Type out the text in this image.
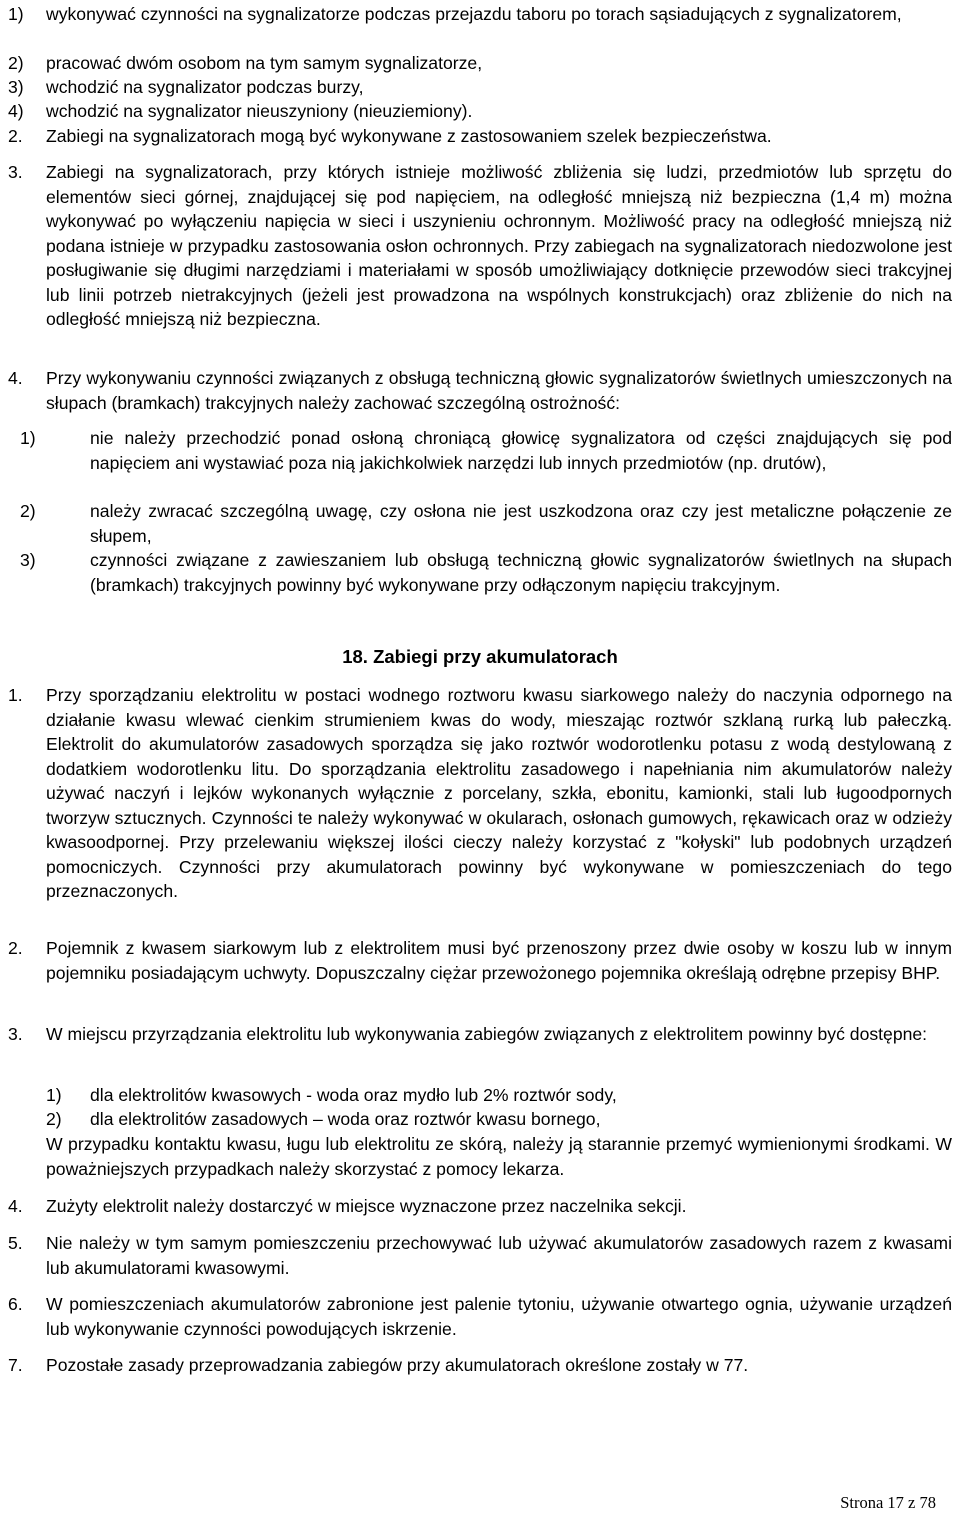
1) wykonywać czynności na sygnalizatorze podczas przejazdu taboru po torach sąsiadujących z sygnalizatorem,
2) pracować dwóm osobom na tym samym sygnalizatorze,
3) wchodzić na sygnalizator podczas burzy,
4) wchodzić na sygnalizator nieuszyniony (nieuziemiony).
2. Zabiegi na sygnalizatorach mogą być wykonywane z zastosowaniem szelek bezpieczeństwa.
3. Zabiegi na sygnalizatorach, przy których istnieje możliwość zbliżenia się ludzi, przedmiotów lub sprzętu do elementów sieci górnej, znajdującej się pod napięciem, na odległość mniejszą niż bezpieczna (1,4 m) można wykonywać po wyłączeniu napięcia w sieci i uszynieniu ochronnym. Możliwość pracy na odległość mniejszą niż podana istnieje w przypadku zastosowania osłon ochronnych. Przy zabiegach na sygnalizatorach niedozwolone jest posługiwanie się długimi narzędziami i materiałami w sposób umożliwiający dotknięcie przewodów sieci trakcyjnej lub linii potrzeb nietrakcyjnych (jeżeli jest prowadzona na wspólnych konstrukcjach) oraz zbliżenie do nich na odległość mniejszą niż bezpieczna.
4. Przy wykonywaniu czynności związanych z obsługą techniczną głowic sygnalizatorów świetlnych umieszczonych na słupach (bramkach) trakcyjnych należy zachować szczególną ostrożność:
1)	nie należy przechodzić ponad osłoną chroniącą głowicę sygnalizatora od części znajdujących się pod napięciem ani wystawiać poza nią jakichkolwiek narzędzi lub innych przedmiotów (np. drutów),
2)	należy zwracać szczególną uwagę, czy osłona nie jest uszkodzona oraz czy jest metaliczne połączenie ze słupem,
3)	czynności związane z zawieszaniem lub obsługą techniczną głowic sygnalizatorów świetlnych na słupach (bramkach) trakcyjnych powinny być wykonywane przy odłączonym napięciu trakcyjnym.
18. Zabiegi przy akumulatorach
1. Przy sporządzaniu elektrolitu w postaci wodnego roztworu kwasu siarkowego należy do naczynia odpornego na działanie kwasu wlewać cienkim strumieniem kwas do wody, mieszając roztwór szklaną rurką lub pałeczką. Elektrolit do akumulatorów zasadowych sporządza się jako roztwór wodorotlenku potasu z wodą destylowaną z dodatkiem wodorotlenku litu. Do sporządzania elektrolitu zasadowego i napełniania nim akumulatorów należy używać naczyń i lejków wykonanych wyłącznie z porcelany, szkła, ebonitu, kamionki, stali lub ługoodpornych tworzyw sztucznych. Czynności te należy wykonywać w okularach, osłonach gumowych, rękawicach oraz w odzieży kwasoodpornej. Przy przelewaniu większej ilości cieczy należy korzystać z "kołyski" lub podobnych urządzeń pomocniczych. Czynności przy akumulatorach powinny być wykonywane w pomieszczeniach do tego przeznaczonych.
2. Pojemnik z kwasem siarkowym lub z elektrolitem musi być przenoszony przez dwie osoby w koszu lub w innym pojemniku posiadającym uchwyty. Dopuszczalny ciężar przewożonego pojemnika określają odrębne przepisy BHP.
3. W miejscu przyrządzania elektrolitu lub wykonywania zabiegów związanych z elektrolitem powinny być dostępne:
1) dla elektrolitów kwasowych - woda oraz mydło lub 2% roztwór sody,
2) dla elektrolitów zasadowych – woda oraz roztwór kwasu bornego,
W przypadku kontaktu kwasu, ługu lub elektrolitu ze skórą, należy ją starannie przemyć wymienionymi środkami. W poważniejszych przypadkach należy skorzystać z pomocy lekarza.
4. Zużyty elektrolit należy dostarczyć w miejsce wyznaczone przez naczelnika sekcji.
5. Nie należy w tym samym pomieszczeniu przechowywać lub używać akumulatorów zasadowych razem z kwasami lub akumulatorami kwasowymi.
6. W pomieszczeniach akumulatorów zabronione jest palenie tytoniu, używanie otwartego ognia, używanie urządzeń lub wykonywanie czynności powodujących iskrzenie.
7. Pozostałe zasady przeprowadzania zabiegów przy akumulatorach określone zostały w 77.
Strona 17 z 78
